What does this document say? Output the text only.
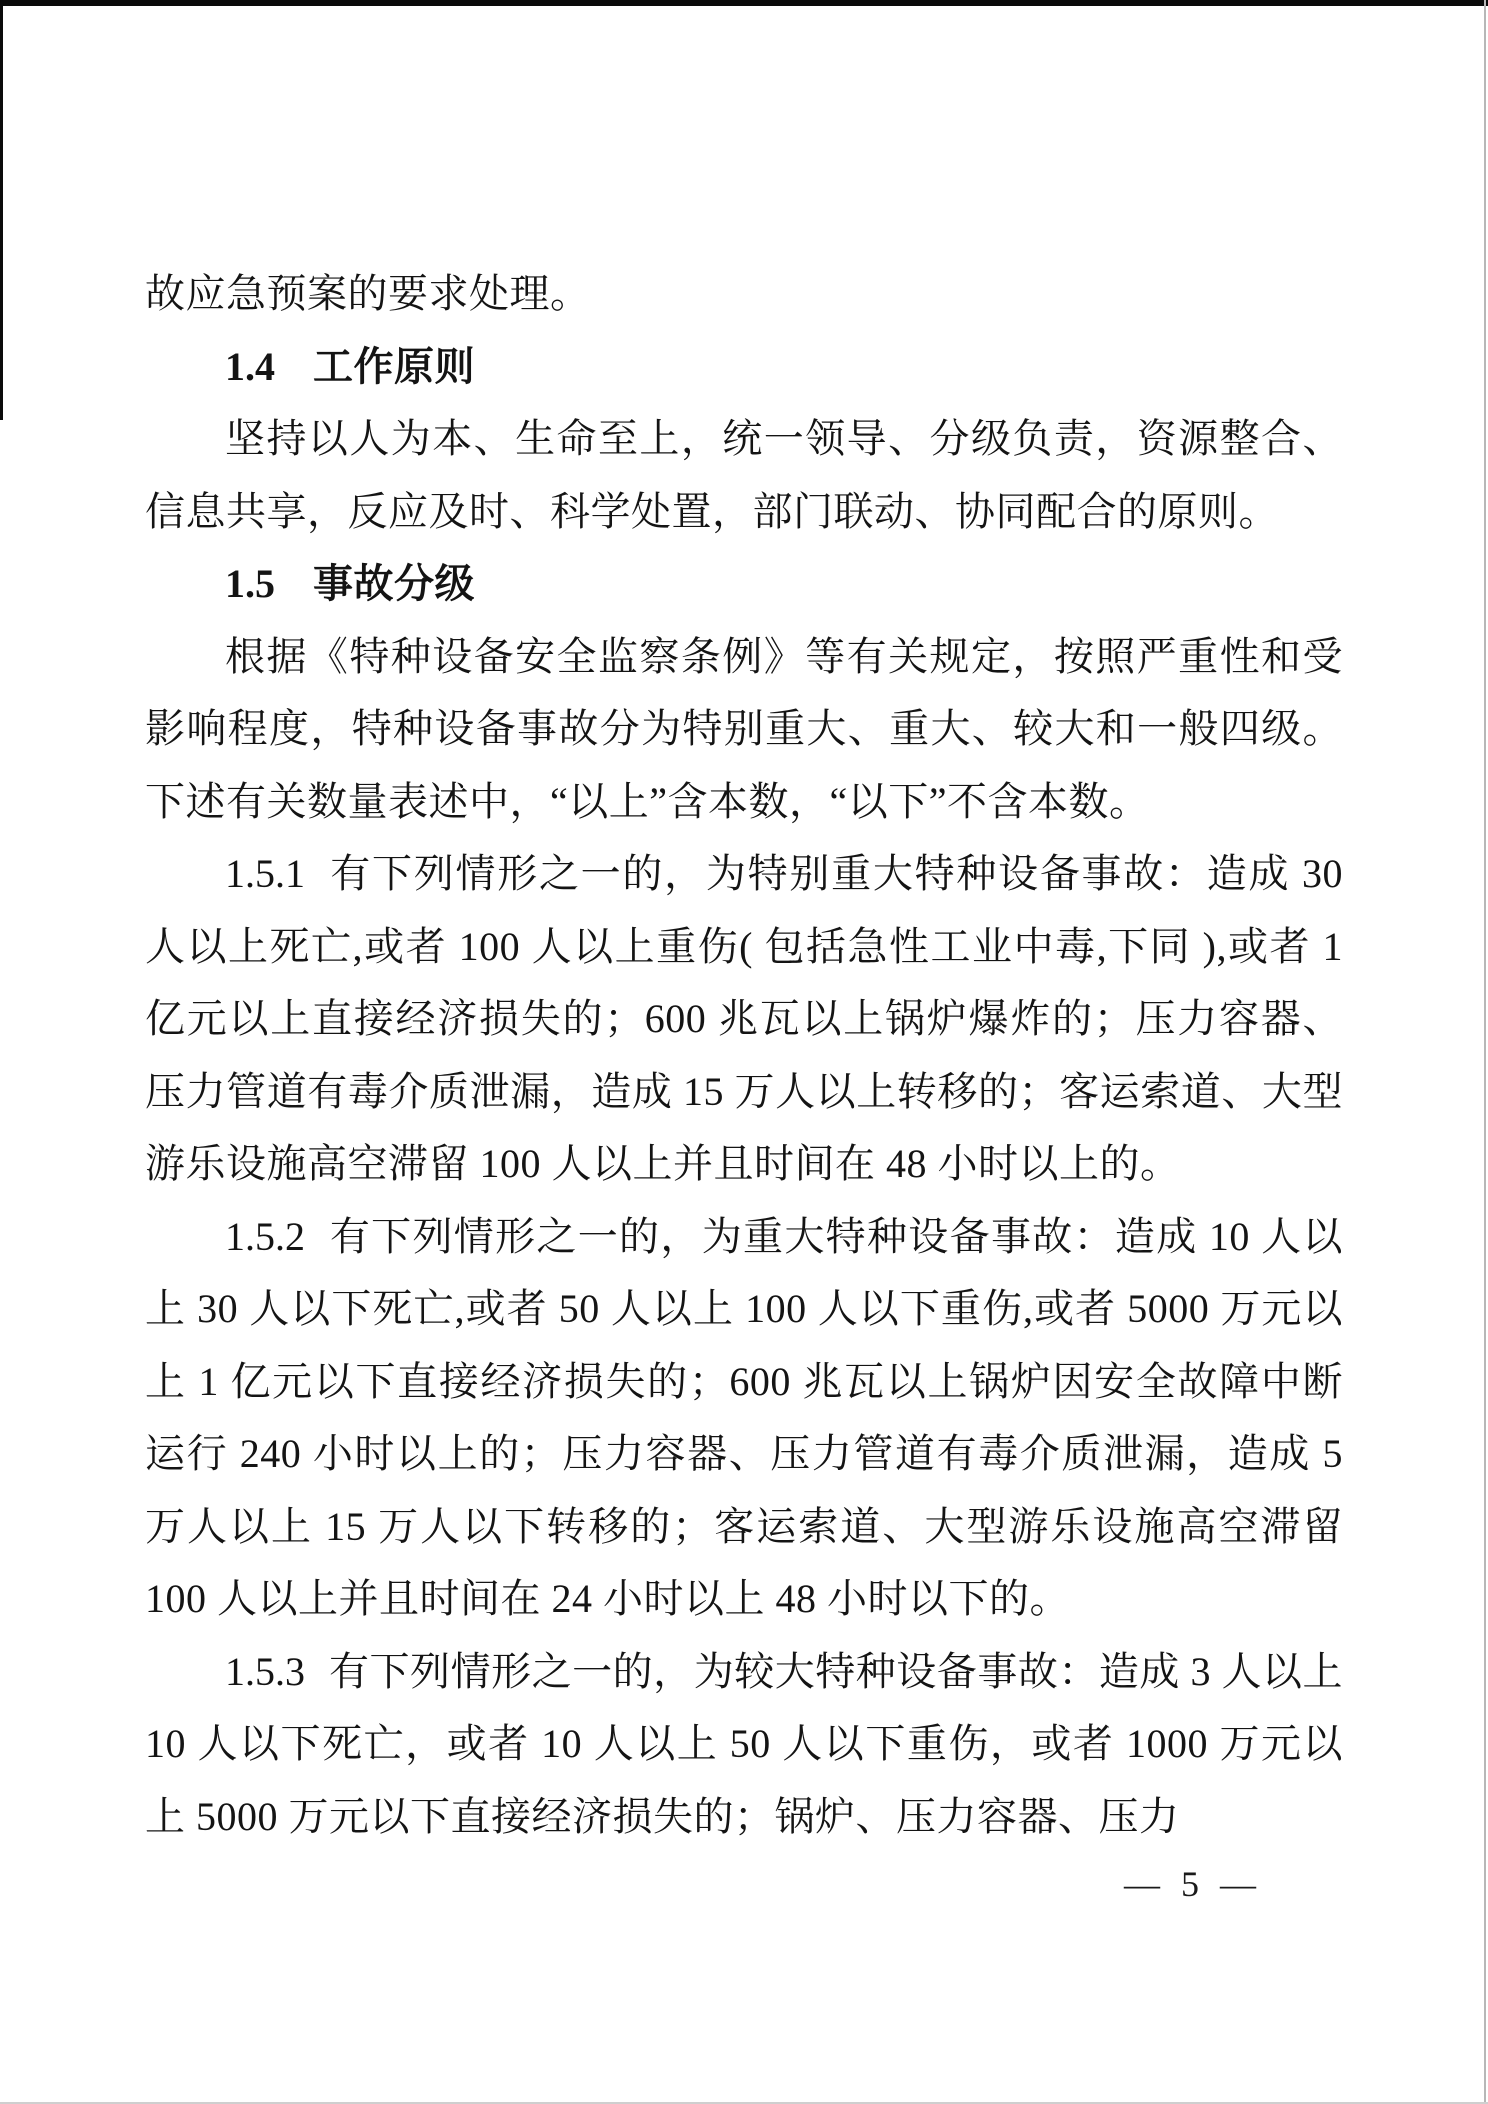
故应急预案的要求处理。

1.4 工作原则

坚持以人为本、生命至上，统一领导、分级负责，资源整合、信息共享，反应及时、科学处置，部门联动、协同配合的原则。

1.5 事故分级

根据《特种设备安全监察条例》等有关规定，按照严重性和受影响程度，特种设备事故分为特别重大、重大、较大和一般四级。下述有关数量表述中，“以上”含本数，“以下”不含本数。

1.5.1 有下列情形之一的，为特别重大特种设备事故：造成 30 人以上死亡,或者 100 人以上重伤( 包括急性工业中毒,下同 ),或者 1 亿元以上直接经济损失的；600 兆瓦以上锅炉爆炸的；压力容器、压力管道有毒介质泄漏，造成 15 万人以上转移的；客运索道、大型游乐设施高空滞留 100 人以上并且时间在 48 小时以上的。

1.5.2 有下列情形之一的，为重大特种设备事故：造成 10 人以上 30 人以下死亡,或者 50 人以上 100 人以下重伤,或者 5000 万元以上 1 亿元以下直接经济损失的；600 兆瓦以上锅炉因安全故障中断运行 240 小时以上的；压力容器、压力管道有毒介质泄漏，造成 5 万人以上 15 万人以下转移的；客运索道、大型游乐设施高空滞留 100 人以上并且时间在 24 小时以上 48 小时以下的。

1.5.3 有下列情形之一的，为较大特种设备事故：造成 3 人以上 10 人以下死亡，或者 10 人以上 50 人以下重伤，或者 1000 万元以上 5000 万元以下直接经济损失的；锅炉、压力容器、压力

— 5 —
